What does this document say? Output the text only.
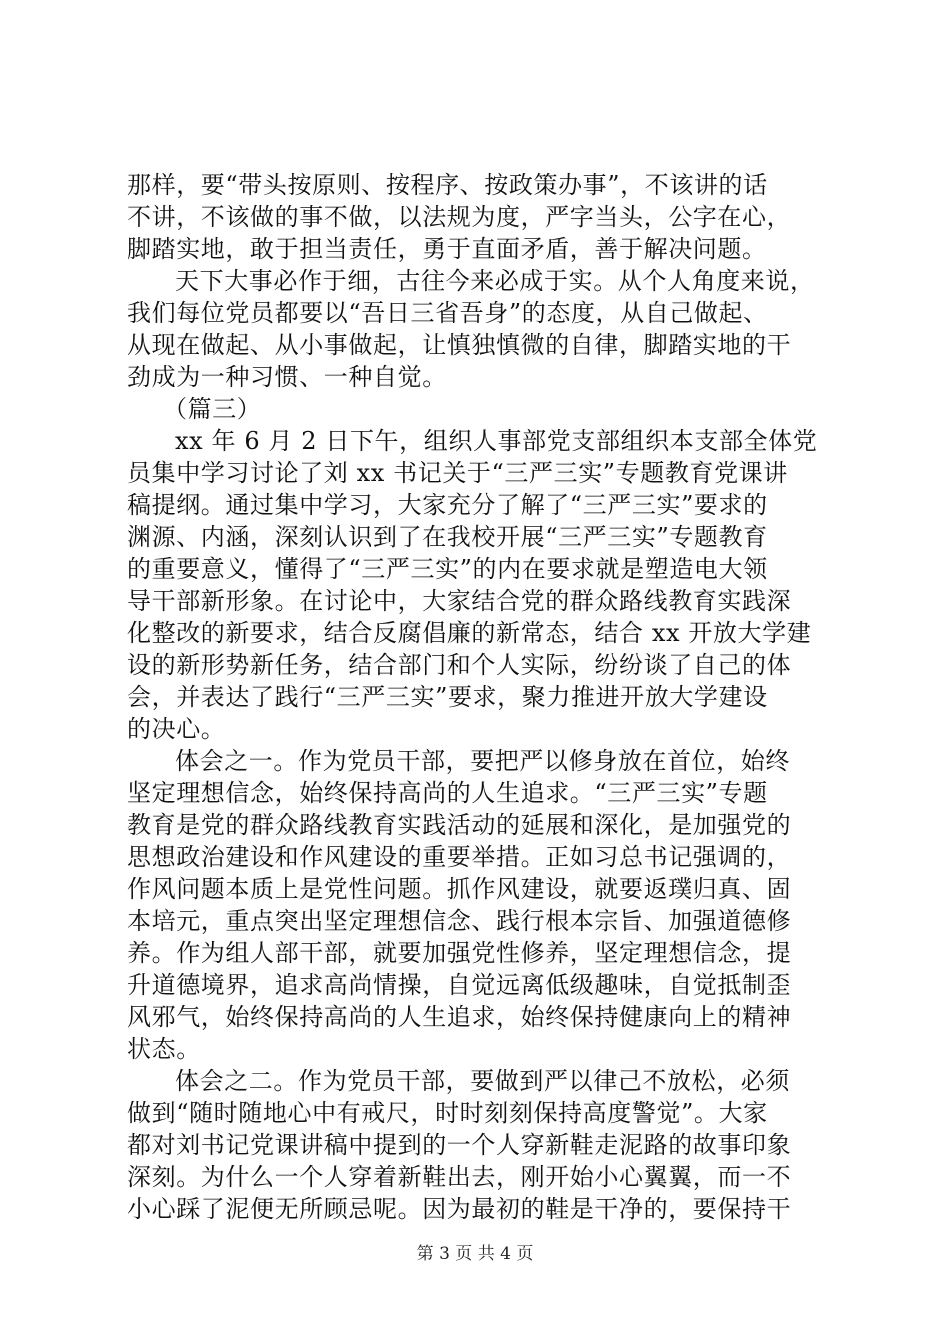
那样，要“带头按原则、按程序、按政策办事”，不该讲的话
不讲，不该做的事不做，以法规为度，严字当头，公字在心，
脚踏实地，敢于担当责任，勇于直面矛盾，善于解决问题。
天下大事必作于细，古往今来必成于实。从个人角度来说，
我们每位党员都要以“吾日三省吾身”的态度，从自己做起、
从现在做起、从小事做起，让慎独慎微的自律，脚踏实地的干
劲成为一种习惯、一种自觉。
（篇三）
xx 年 6 月 2 日下午，组织人事部党支部组织本支部全体党
员集中学习讨论了刘 xx 书记关于“三严三实”专题教育党课讲
稿提纲。通过集中学习，大家充分了解了“三严三实”要求的
渊源、内涵，深刻认识到了在我校开展“三严三实”专题教育
的重要意义，懂得了“三严三实”的内在要求就是塑造电大领
导干部新形象。在讨论中，大家结合党的群众路线教育实践深
化整改的新要求，结合反腐倡廉的新常态，结合 xx 开放大学建
设的新形势新任务，结合部门和个人实际，纷纷谈了自己的体
会，并表达了践行“三严三实”要求，聚力推进开放大学建设
的决心。
体会之一。作为党员干部，要把严以修身放在首位，始终
坚定理想信念，始终保持高尚的人生追求。“三严三实”专题
教育是党的群众路线教育实践活动的延展和深化，是加强党的
思想政治建设和作风建设的重要举措。正如习总书记强调的，
作风问题本质上是党性问题。抓作风建设，就要返璞归真、固
本培元，重点突出坚定理想信念、践行根本宗旨、加强道德修
养。作为组人部干部，就要加强党性修养，坚定理想信念，提
升道德境界，追求高尚情操，自觉远离低级趣味，自觉抵制歪
风邪气，始终保持高尚的人生追求，始终保持健康向上的精神
状态。
体会之二。作为党员干部，要做到严以律己不放松，必须
做到“随时随地心中有戒尺，时时刻刻保持高度警觉”。大家
都对刘书记党课讲稿中提到的一个人穿新鞋走泥路的故事印象
深刻。为什么一个人穿着新鞋出去，刚开始小心翼翼，而一不
小心踩了泥便无所顾忌呢。因为最初的鞋是干净的，要保持干
第 3 页 共 4 页
